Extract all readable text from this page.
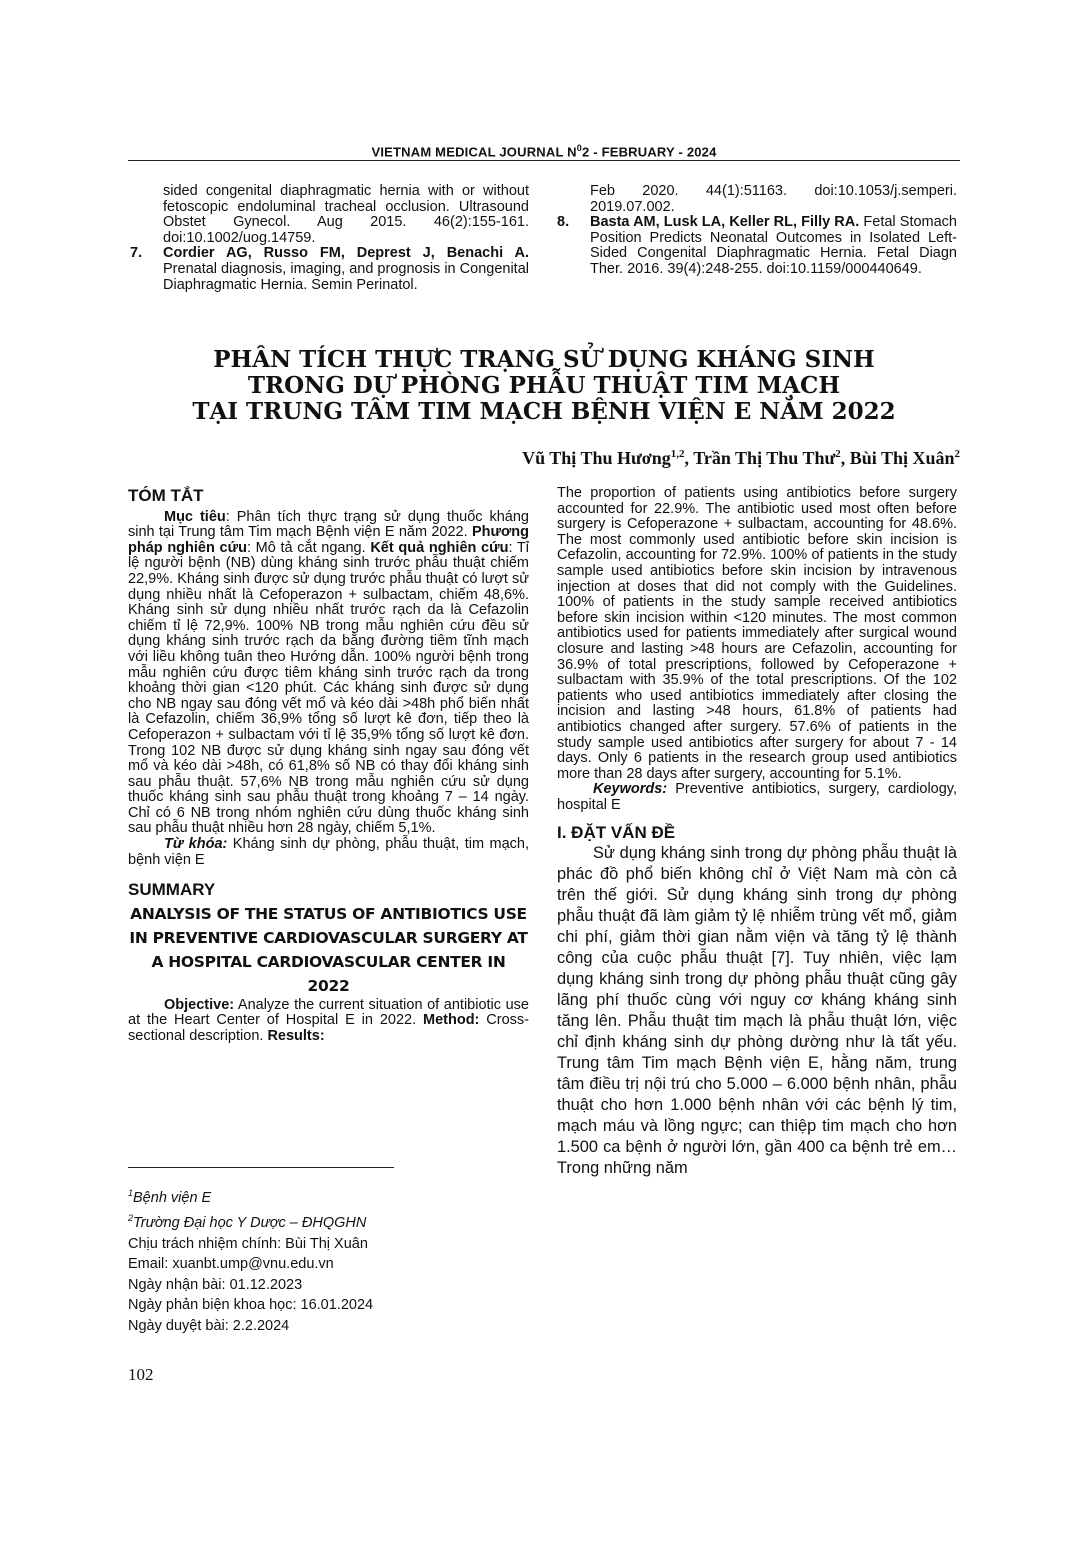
VIETNAM MEDICAL JOURNAL $N^02$ - FEBRUARY - 2024

sided congenital diaphragmatic hernia with or without fetoscopic endoluminal tracheal occlusion. Ultrasound Obstet Gynecol. Aug 2015. 46(2):155-161. doi:10.1002/uog.14759.

7. Cordier AG, Russo FM, Deprest J, Benachi A. Prenatal diagnosis, imaging, and prognosis in Congenital Diaphragmatic Hernia. Semin Perinatol.

Feb 2020. 44(1):51163. doi:10.1053/j.semperi. 2019.07.002.

8. Basta AM, Lusk LA, Keller RL, Filly RA. Fetal Stomach Position Predicts Neonatal Outcomes in Isolated Left-Sided Congenital Diaphragmatic Hernia. Fetal Diagn Ther. 2016. 39(4):248-255. doi:10.1159/000440649.

PHÂN TÍCH THỰC TRẠNG SỬ DỤNG KHÁNG SINH
TRONG DỰ PHÒNG PHẪU THUẬT TIM MẠCH
TẠI TRUNG TÂM TIM MẠCH BỆNH VIỆN E NĂM 2022
Vũ Thị Thu Hương$^{1,2}$, Trần Thị Thu Thư$^2$, Bùi Thị Xuân$^2$
TÓM TẮT

Mục tiêu: Phân tích thực trạng sử dụng thuốc kháng sinh tại Trung tâm Tim mạch Bệnh viện E năm 2022. Phương pháp nghiên cứu: Mô tả cắt ngang. Kết quả nghiên cứu: Tỉ lệ người bệnh (NB) dùng kháng sinh trước phẫu thuật chiếm 22,9%. Kháng sinh được sử dụng trước phẫu thuật có lượt sử dụng nhiều nhất là Cefoperazon + sulbactam, chiếm 48,6%. Kháng sinh sử dụng nhiều nhất trước rạch da là Cefazolin chiếm tỉ lệ 72,9%. 100% NB trong mẫu nghiên cứu đều sử dụng kháng sinh trước rạch da bằng đường tiêm tĩnh mạch với liều không tuân theo Hướng dẫn. 100% người bệnh trong mẫu nghiên cứu được tiêm kháng sinh trước rạch da trong khoảng thời gian <120 phút. Các kháng sinh được sử dụng cho NB ngay sau đóng vết mổ và kéo dài >48h phổ biến nhất là Cefazolin, chiếm 36,9% tổng số lượt kê đơn, tiếp theo là Cefoperazon + sulbactam với tỉ lệ 35,9% tổng số lượt kê đơn. Trong 102 NB được sử dụng kháng sinh ngay sau đóng vết mổ và kéo dài >48h, có 61,8% số NB có thay đổi kháng sinh sau phẫu thuật. 57,6% NB trong mẫu nghiên cứu sử dụng thuốc kháng sinh sau phẫu thuật trong khoảng 7 – 14 ngày. Chỉ có 6 NB trong nhóm nghiên cứu dùng thuốc kháng sinh sau phẫu thuật nhiều hơn 28 ngày, chiếm 5,1%.

Từ khóa: Kháng sinh dự phòng, phẫu thuật, tim mạch, bệnh viện E

SUMMARY

ANALYSIS OF THE STATUS OF ANTIBIOTICS USE IN PREVENTIVE CARDIOVASCULAR SURGERY AT A HOSPITAL CARDIOVASCULAR CENTER IN 2022

Objective: Analyze the current situation of antibiotic use at the Heart Center of Hospital E in 2022. Method: Cross-sectional description. Results:

The proportion of patients using antibiotics before surgery accounted for 22.9%. The antibiotic used most often before surgery is Cefoperazone + sulbactam, accounting for 48.6%. The most commonly used antibiotic before skin incision is Cefazolin, accounting for 72.9%. 100% of patients in the study sample used antibiotics before skin incision by intravenous injection at doses that did not comply with the Guidelines. 100% of patients in the study sample received antibiotics before skin incision within <120 minutes. The most common antibiotics used for patients immediately after surgical wound closure and lasting >48 hours are Cefazolin, accounting for 36.9% of total prescriptions, followed by Cefoperazone + sulbactam with 35.9% of the total prescriptions. Of the 102 patients who used antibiotics immediately after closing the incision and lasting >48 hours, 61.8% of patients had antibiotics changed after surgery. 57.6% of patients in the study sample used antibiotics after surgery for about 7 - 14 days. Only 6 patients in the research group used antibiotics more than 28 days after surgery, accounting for 5.1%.

Keywords: Preventive antibiotics, surgery, cardiology, hospital E

I. ĐẶT VẤN ĐỀ

Sử dụng kháng sinh trong dự phòng phẫu thuật là phác đồ phổ biến không chỉ ở Việt Nam mà còn cả trên thế giới. Sử dụng kháng sinh trong dự phòng phẫu thuật đã làm giảm tỷ lệ nhiễm trùng vết mổ, giảm chi phí, giảm thời gian nằm viện và tăng tỷ lệ thành công của cuộc phẫu thuật [7]. Tuy nhiên, việc lạm dụng kháng sinh trong dự phòng phẫu thuật cũng gây lãng phí thuốc cùng với nguy cơ kháng kháng sinh tăng lên. Phẫu thuật tim mạch là phẫu thuật lớn, việc chỉ định kháng sinh dự phòng dường như là tất yếu. Trung tâm Tim mạch Bệnh viện E, hằng năm, trung tâm điều trị nội trú cho 5.000 – 6.000 bệnh nhân, phẫu thuật cho hơn 1.000 bệnh nhân với các bệnh lý tim, mạch máu và lồng ngực; can thiệp tim mạch cho hơn 1.500 ca bệnh ở người lớn, gần 400 ca bệnh trẻ em…Trong những năm

$^1$Bệnh viện E
$^2$Trường Đại học Y Dược – ĐHQGHN
Chịu trách nhiệm chính: Bùi Thị Xuân
Email: xuanbt.ump@vnu.edu.vn
Ngày nhận bài: 01.12.2023
Ngày phản biện khoa học: 16.01.2024
Ngày duyệt bài: 2.2.2024
102
